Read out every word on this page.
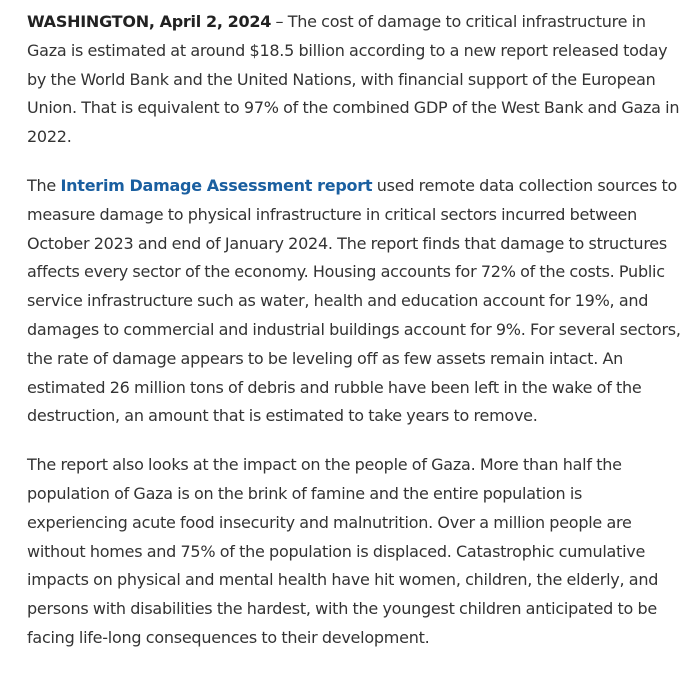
WASHINGTON, April 2, 2024 – The cost of damage to critical infrastructure in Gaza is estimated at around $18.5 billion according to a new report released today by the World Bank and the United Nations, with financial support of the European Union. That is equivalent to 97% of the combined GDP of the West Bank and Gaza in 2022.

The Interim Damage Assessment report used remote data collection sources to measure damage to physical infrastructure in critical sectors incurred between October 2023 and end of January 2024. The report finds that damage to structures affects every sector of the economy. Housing accounts for 72% of the costs. Public service infrastructure such as water, health and education account for 19%, and damages to commercial and industrial buildings account for 9%. For several sectors, the rate of damage appears to be leveling off as few assets remain intact. An estimated 26 million tons of debris and rubble have been left in the wake of the destruction, an amount that is estimated to take years to remove.

The report also looks at the impact on the people of Gaza. More than half the population of Gaza is on the brink of famine and the entire population is experiencing acute food insecurity and malnutrition. Over a million people are without homes and 75% of the population is displaced. Catastrophic cumulative impacts on physical and mental health have hit women, children, the elderly, and persons with disabilities the hardest, with the youngest children anticipated to be facing life-long consequences to their development.
